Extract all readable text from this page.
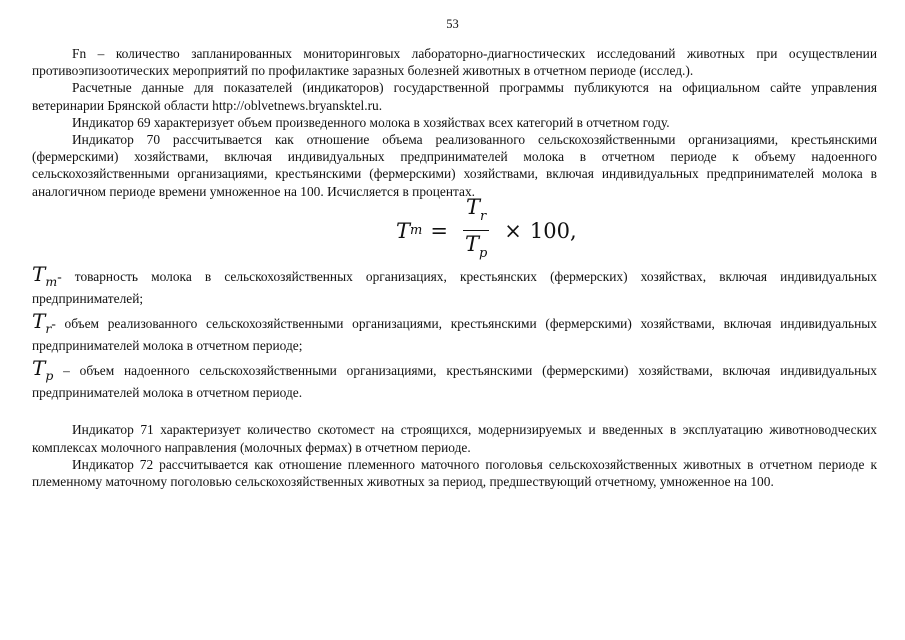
53

Fn – количество запланированных мониторинговых лабораторно-диагностических исследований животных при осуществлении противоэпизоотических мероприятий по профилактике заразных болезней животных в отчетном периоде (исслед.).

Расчетные данные для показателей (индикаторов) государственной программы публикуются на официальном сайте управления ветеринарии Брянской области http://oblvetnews.bryansktel.ru.

Индикатор 69 характеризует объем произведенного молока в хозяйствах всех категорий в отчетном году.

Индикатор 70 рассчитывается как отношение объема реализованного сельскохозяйственными организациями, крестьянскими (фермерскими) хозяйствами, включая индивидуальных предпринимателей молока в отчетном периоде к объему надоенного сельскохозяйственными организациями, крестьянскими (фермерскими) хозяйствами, включая индивидуальных предпринимателей молока в аналогичном периоде времени умноженное на 100. Исчисляется в процентах.

T $m = \frac{T_r}{T_p} \times 100$,

$T_m-$ товарность молока в сельскохозяйственных организациях, крестьянских (фермерских) хозяйствах, включая индивидуальных предпринимателей;

$T_r-$ объем реализованного сельскохозяйственными организациями, крестьянскими (фермерскими) хозяйствами, включая индивидуальных предпринимателей молока в отчетном периоде;

$T_p$ – объем надоенного сельскохозяйственными организациями, крестьянскими (фермерскими) хозяйствами, включая индивидуальных предпринимателей молока в отчетном периоде.

Индикатор 71 характеризует количество скотомест на строящихся, модернизируемых и введенных в эксплуатацию животноводческих комплексах молочного направления (молочных фермах) в отчетном периоде.

Индикатор 72 рассчитывается как отношение племенного маточного поголовья сельскохозяйственных животных в отчетном периоде к племенному маточному поголовью сельскохозяйственных животных за период, предшествующий отчетному, умноженное на 100.
